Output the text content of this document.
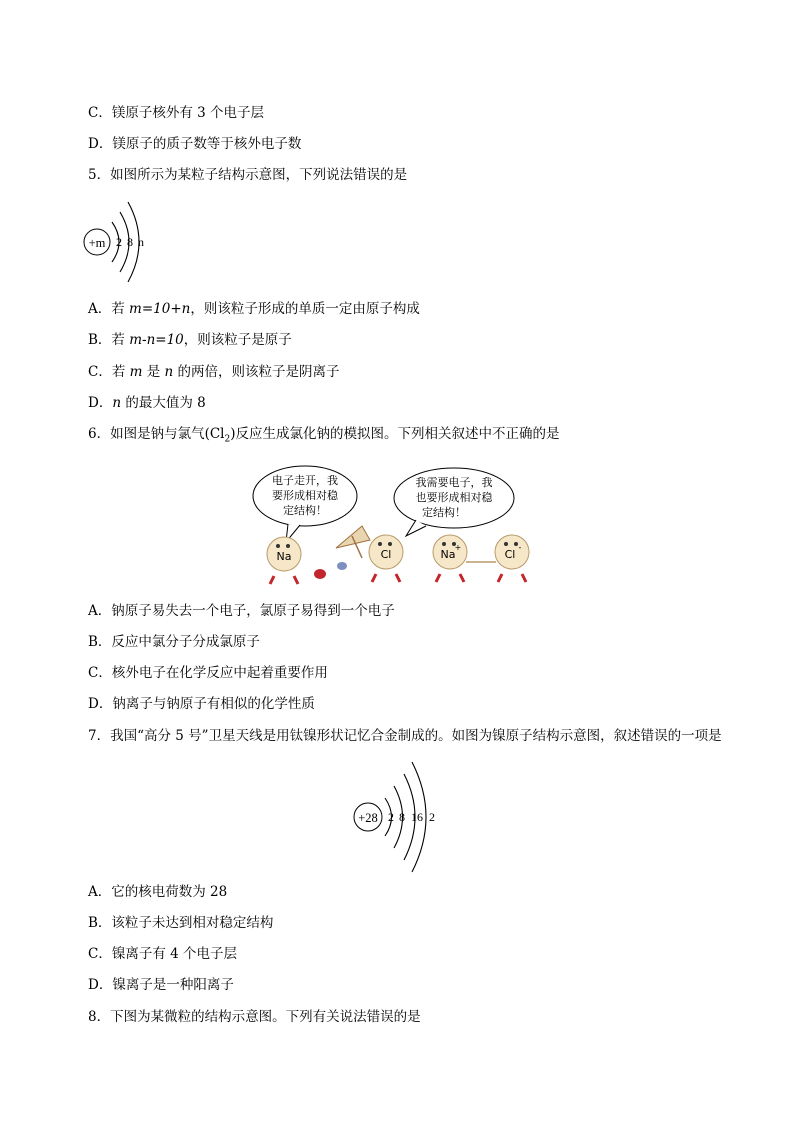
C．镁原子核外有 3 个电子层
D．镁原子的质子数等于核外电子数
5．如图所示为某粒子结构示意图，下列说法错误的是
+m 2 8 n
A．若 m=10+n，则该粒子形成的单质一定由原子构成
B．若 m-n=10，则该粒子是原子
C．若 m 是 n 的两倍，则该粒子是阴离子
D．n 的最大值为 8
6．如图是钠与氯气$(Cl_2)$反应生成氯化钠的模拟图。下列相关叙述中不正确的是
电子走开，我
要形成相对稳
定结构！
我需要电子，我
也要形成相对稳
定结构！
Na	Cl	Na
+
Cl
-
A．钠原子易失去一个电子，氯原子易得到一个电子
B．反应中氯分子分成氯原子
C．核外电子在化学反应中起着重要作用
D．钠离子与钠原子有相似的化学性质
7．我国“高分 5 号”卫星天线是用钛镍形状记忆合金制成的。如图为镍原子结构示意图，叙述错误的一项是
+28 2 8 16 2
A．它的核电荷数为 28
B．该粒子未达到相对稳定结构
C．镍离子有 4 个电子层
D．镍离子是一种阳离子
8．下图为某微粒的结构示意图。下列有关说法错误的是
